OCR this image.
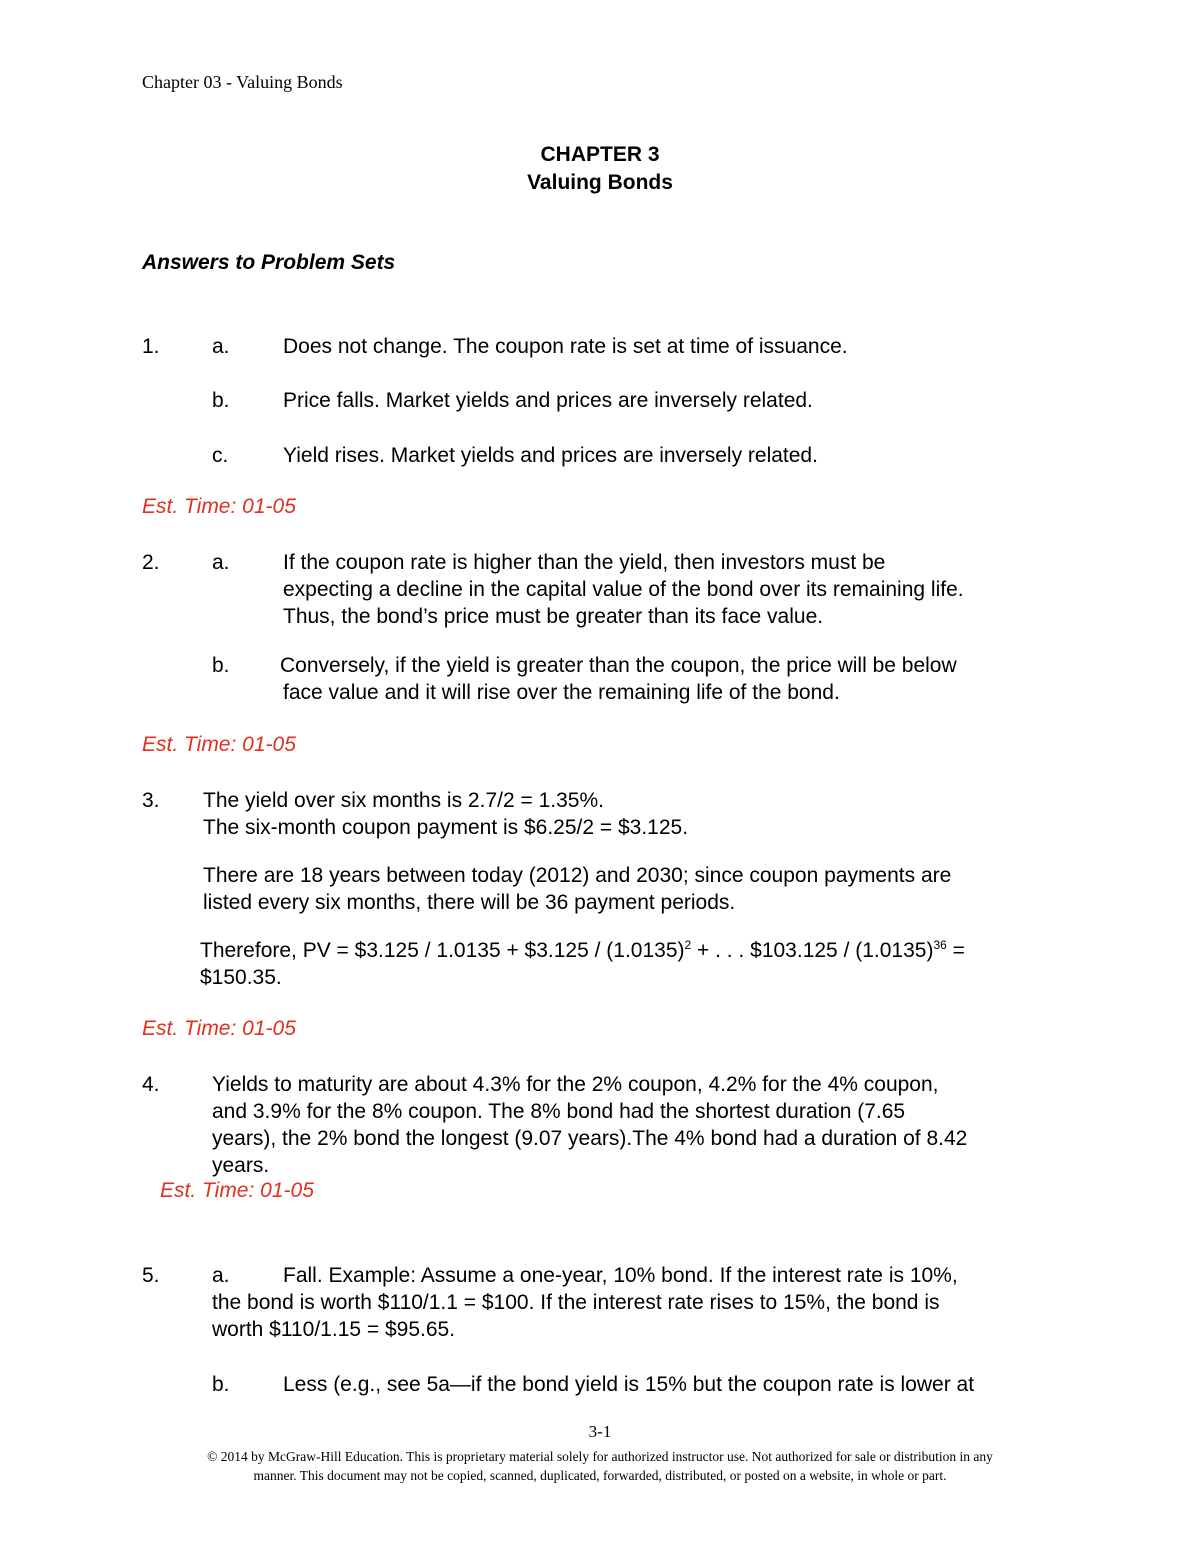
Chapter 03 - Valuing Bonds
CHAPTER 3
Valuing Bonds
Answers to Problem Sets
1. a.	Does not change. The coupon rate is set at time of issuance.
b.	Price falls. Market yields and prices are inversely related.
c.	Yield rises. Market yields and prices are inversely related.
Est. Time: 01-05
2. a.	If the coupon rate is higher than the yield, then investors must be
expecting a decline in the capital value of the bond over its remaining life.
Thus, the bond’s price must be greater than its face value.
b. Conversely, if the yield is greater than the coupon, the price will be below
face value and it will rise over the remaining life of the bond.
Est. Time: 01-05
3. The yield over six months is 2.7/2 = 1.35%.
The six-month coupon payment is $6.25/2 = $3.125.
There are 18 years between today (2012) and 2030; since coupon payments are
listed every six months, there will be 36 payment periods.
Therefore, PV = $3.125 / 1.0135 + $3.125 / $(1.0135)^2$ + . . . $103.125 / $(1.0135)^{36}$ =
$150.35.
Est. Time: 01-05
4. Yields to maturity are about 4.3% for the 2% coupon, 4.2% for the 4% coupon,
and 3.9% for the 8% coupon. The 8% bond had the shortest duration (7.65
years), the 2% bond the longest (9.07 years).The 4% bond had a duration of 8.42
years.
Est. Time: 01-05
5. a.	Fall. Example: Assume a one-year, 10% bond. If the interest rate is 10%,
the bond is worth $110/1.1 = $100. If the interest rate rises to 15%, the bond is
worth $110/1.15 = $95.65.
b.	Less (e.g., see 5a—if the bond yield is 15% but the coupon rate is lower at
3-1
© 2014 by McGraw-Hill Education. This is proprietary material solely for authorized instructor use. Not authorized for sale or distribution in any
manner. This document may not be copied, scanned, duplicated, forwarded, distributed, or posted on a website, in whole or part.
